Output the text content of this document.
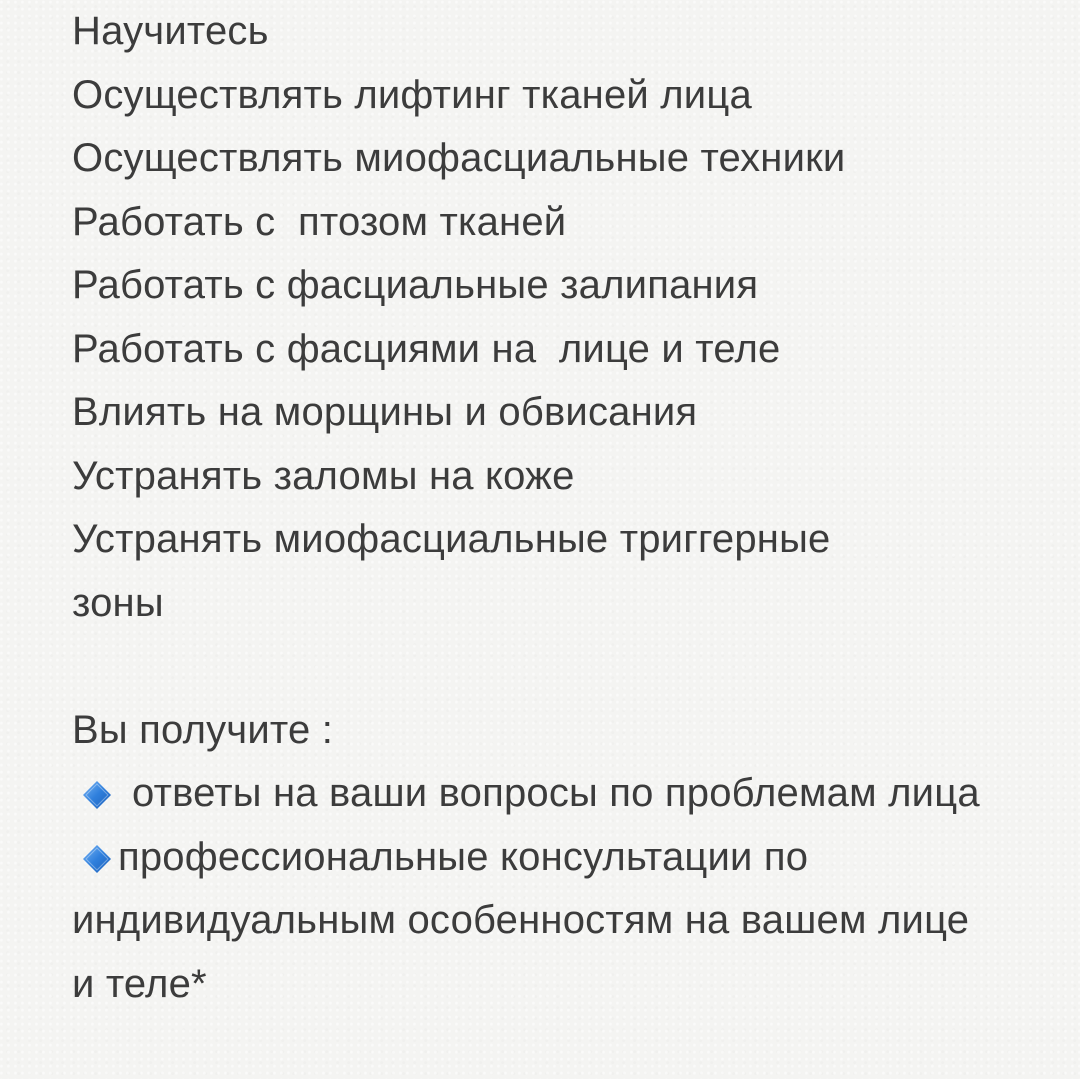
Научитесь
Осуществлять лифтинг тканей лица
Осуществлять миофасциальные техники
Работать с  птозом тканей
Работать с фасциальные залипания
Работать с фасциями на  лице и теле
Влиять на морщины и обвисания
Устранять заломы на коже
Устранять миофасциальные триггерные зоны
Вы получите :
ответы на ваши вопросы по проблемам лица
профессиональные консультации по индивидуальным особенностям на вашем лице и теле*
